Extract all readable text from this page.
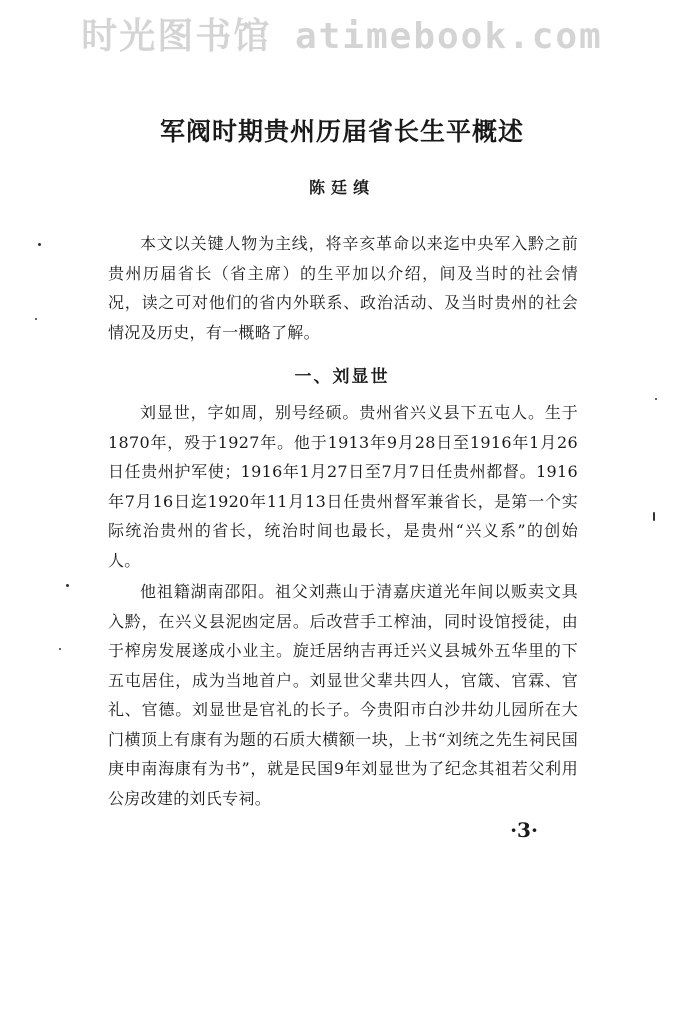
时光图书馆 atimebook.com
军阀时期贵州历届省长生平概述
陈廷缜

本文以关键人物为主线，将辛亥革命以来迄中央军入黔之前贵州历届省长（省主席）的生平加以介绍，间及当时的社会情况，读之可对他们的省内外联系、政治活动、及当时贵州的社会情况及历史，有一概略了解。

一、刘显世

刘显世，字如周，别号经硕。贵州省兴义县下五屯人。生于1870年，殁于1927年。他于1913年9月28日至1916年1月26日任贵州护军使；1916年1月27日至7月7日任贵州都督。1916年7月16日迄1920年11月13日任贵州督军兼省长，是第一个实际统治贵州的省长，统治时间也最长，是贵州“兴义系”的创始人。

他祖籍湖南邵阳。祖父刘燕山于清嘉庆道光年间以贩卖文具入黔，在兴义县泥凼定居。后改营手工榨油，同时设馆授徒，由于榨房发展遂成小业主。旋迁居纳吉再迁兴义县城外五华里的下五屯居住，成为当地首户。刘显世父辈共四人，官箴、官霖、官礼、官德。刘显世是官礼的长子。今贵阳市白沙井幼儿园所在大门横顶上有康有为题的石质大横额一块，上书“刘统之先生祠民国庚申南海康有为书”，就是民国9年刘显世为了纪念其祖若父利用公房改建的刘氏专祠。

·3·
